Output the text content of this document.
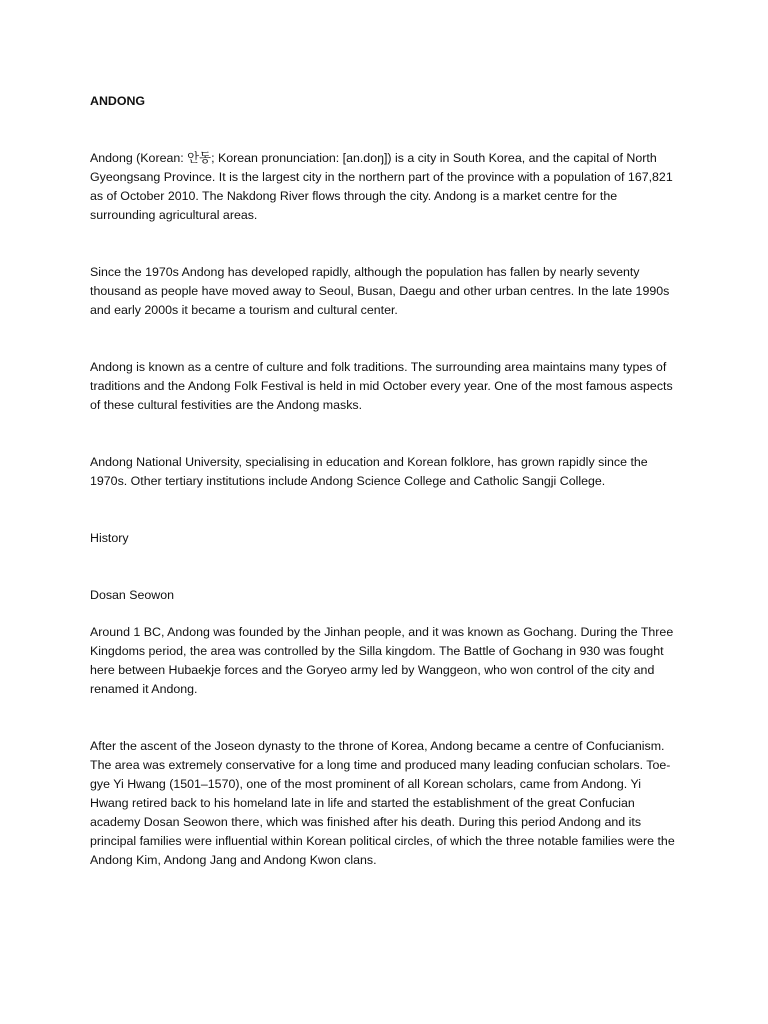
ANDONG

Andong (Korean: 안동; Korean pronunciation: [an.doŋ]) is a city in South Korea, and the capital of North Gyeongsang Province. It is the largest city in the northern part of the province with a population of 167,821 as of October 2010. The Nakdong River flows through the city. Andong is a market centre for the surrounding agricultural areas.

Since the 1970s Andong has developed rapidly, although the population has fallen by nearly seventy thousand as people have moved away to Seoul, Busan, Daegu and other urban centres. In the late 1990s and early 2000s it became a tourism and cultural center.

Andong is known as a centre of culture and folk traditions. The surrounding area maintains many types of traditions and the Andong Folk Festival is held in mid October every year. One of the most famous aspects of these cultural festivities are the Andong masks.

Andong National University, specialising in education and Korean folklore, has grown rapidly since the 1970s. Other tertiary institutions include Andong Science College and Catholic Sangji College.

History

Dosan Seowon

Around 1 BC, Andong was founded by the Jinhan people, and it was known as Gochang. During the Three Kingdoms period, the area was controlled by the Silla kingdom. The Battle of Gochang in 930 was fought here between Hubaekje forces and the Goryeo army led by Wanggeon, who won control of the city and renamed it Andong.

After the ascent of the Joseon dynasty to the throne of Korea, Andong became a centre of Confucianism. The area was extremely conservative for a long time and produced many leading confucian scholars. Toe-gye Yi Hwang (1501–1570), one of the most prominent of all Korean scholars, came from Andong. Yi Hwang retired back to his homeland late in life and started the establishment of the great Confucian academy Dosan Seowon there, which was finished after his death. During this period Andong and its principal families were influential within Korean political circles, of which the three notable families were the Andong Kim, Andong Jang and Andong Kwon clans.
